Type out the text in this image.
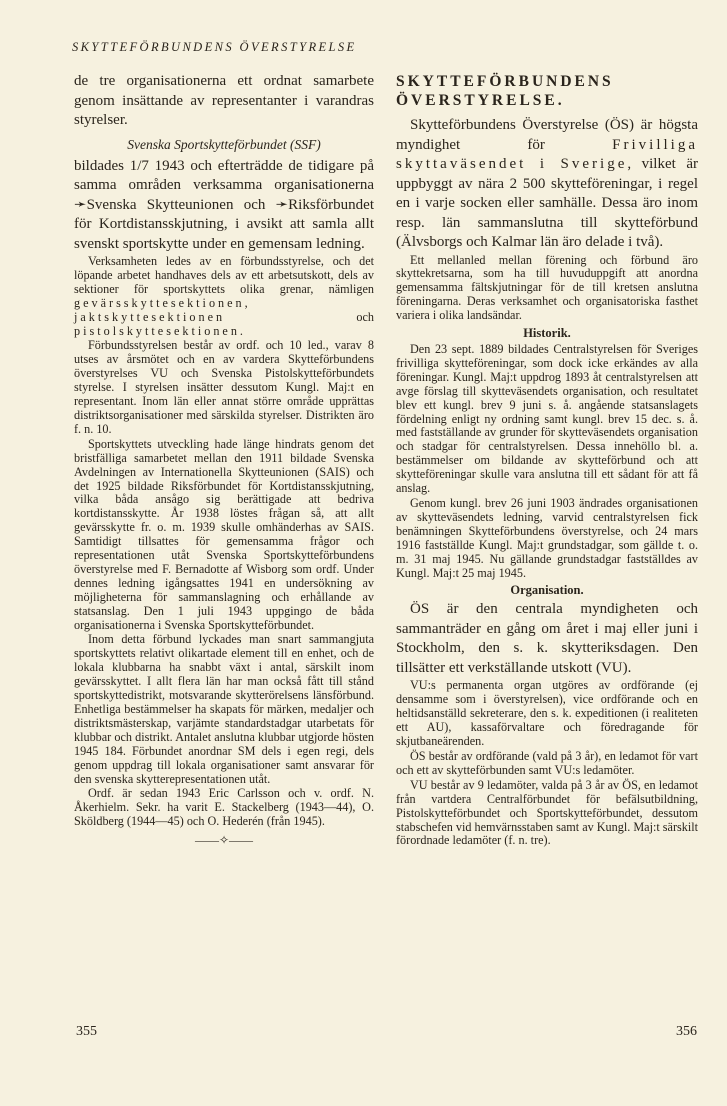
SKYTTEFÖRBUNDENS ÖVERSTYRELSE

de tre organisationerna ett ordnat samarbete genom insättande av representanter i varandras styrelser.

Svenska Sportskytteförbundet (SSF)

bildades 1/7 1943 och efterträdde de tidigare på samma områden verksamma organisationerna ➛Svenska Skytteunionen och ➛Riksförbundet för Kortdistansskjutning, i avsikt att samla allt svenskt sportskytte under en gemensam ledning.

Verksamheten ledes av en förbundsstyrelse, och det löpande arbetet handhaves dels av ett arbetsutskott, dels av sektioner för sportskyttets olika grenar, nämligen gevärsskyttesektionen, jaktskyttesektionen och pistolskyttesektionen.

Förbundsstyrelsen består av ordf. och 10 led., varav 8 utses av årsmötet och en av vardera Skytteförbundens överstyrelses VU och Svenska Pistolskytteförbundets styrelse. I styrelsen insätter dessutom Kungl. Maj:t en representant. Inom län eller annat större område upprättas distriktsorganisationer med särskilda styrelser. Distrikten äro f. n. 10.

Sportskyttets utveckling hade länge hindrats genom det bristfälliga samarbetet mellan den 1911 bildade Svenska Avdelningen av Internationella Skytteunionen (SAIS) och det 1925 bildade Riksförbundet för Kortdistansskjutning, vilka båda ansågo sig berättigade att bedriva kortdistansskytte. År 1938 löstes frågan så, att allt gevärsskytte fr. o. m. 1939 skulle omhänderhas av SAIS. Samtidigt tillsattes för gemensamma frågor och representationen utåt Svenska Sportskytteförbundens överstyrelse med F. Bernadotte af Wisborg som ordf. Under dennes ledning igångsattes 1941 en undersökning av möjligheterna för sammanslagning och erhållande av statsanslag. Den 1 juli 1943 uppgingo de båda organisationerna i Svenska Sportskytteförbundet.

Inom detta förbund lyckades man snart sammangjuta sportskyttets relativt olikartade element till en enhet, och de lokala klubbarna ha snabbt växt i antal, särskilt inom gevärsskyttet. I allt flera län har man också fått till stånd sportskyttedistrikt, motsvarande skytterörelsens länsförbund. Enhetliga bestämmelser ha skapats för märken, medaljer och distriktsmästerskap, varjämte standardstadgar utarbetats för klubbar och distrikt. Antalet anslutna klubbar utgjorde hösten 1945 184. Förbundet anordnar SM dels i egen regi, dels genom uppdrag till lokala organisationer samt ansvarar för den svenska skytterepresentationen utåt.

Ordf. är sedan 1943 Eric Carlsson och v. ordf. N. Åkerhielm. Sekr. ha varit E. Stackelberg (1943—44), O. Sköldberg (1944—45) och O. Hederén (från 1945).

——✧——

SKYTTEFÖRBUNDENS ÖVERSTYRELSE.

Skytteförbundens Överstyrelse (ÖS) är högsta myndighet för Frivilliga skyttaväsendet i Sverige, vilket är uppbyggt av nära 2 500 skytteföreningar, i regel en i varje socken eller samhälle. Dessa äro inom resp. län sammanslutna till skytteförbund (Älvsborgs och Kalmar län äro delade i två).

Ett mellanled mellan förening och förbund äro skyttekretsarna, som ha till huvuduppgift att anordna gemensamma fältskjutningar för de till kretsen anslutna föreningarna. Deras verksamhet och organisatoriska fasthet variera i olika landsändar.

Historik.

Den 23 sept. 1889 bildades Centralstyrelsen för Sveriges frivilliga skytteföreningar, som dock icke erkändes av alla föreningar. Kungl. Maj:t uppdrog 1893 åt centralstyrelsen att avge förslag till skytteväsendets organisation, och resultatet blev ett kungl. brev 9 juni s. å. angående statsanslagets fördelning enligt ny ordning samt kungl. brev 15 dec. s. å. med fastställande av grunder för skytteväsendets organisation och stadgar för centralstyrelsen. Dessa innehöllo bl. a. bestämmelser om bildande av skytteförbund och att skytteföreningar skulle vara anslutna till ett sådant för att få anslag.

Genom kungl. brev 26 juni 1903 ändrades organisationen av skytteväsendets ledning, varvid centralstyrelsen fick benämningen Skytteförbundens överstyrelse, och 24 mars 1916 fastställde Kungl. Maj:t grundstadgar, som gällde t. o. m. 31 maj 1945. Nu gällande grundstadgar fastställdes av Kungl. Maj:t 25 maj 1945.

Organisation.

ÖS är den centrala myndigheten och sammanträder en gång om året i maj eller juni i Stockholm, den s. k. skytteriksdagen. Den tillsätter ett verkställande utskott (VU).

VU:s permanenta organ utgöres av ordförande (ej densamme som i överstyrelsen), vice ordförande och en heltidsanställd sekreterare, den s. k. expeditionen (i realiteten ett AU), kassaförvaltare och föredragande för skjutbaneärenden.

ÖS består av ordförande (vald på 3 år), en ledamot för vart och ett av skytteförbunden samt VU:s ledamöter.

VU består av 9 ledamöter, valda på 3 år av ÖS, en ledamot från vartdera Centralförbundet för befälsutbildning, Pistolskytteförbundet och Sportskytteförbundet, dessutom stabschefen vid hemvärnsstaben samt av Kungl. Maj:t särskilt förordnade ledamöter (f. n. tre).

355	356
